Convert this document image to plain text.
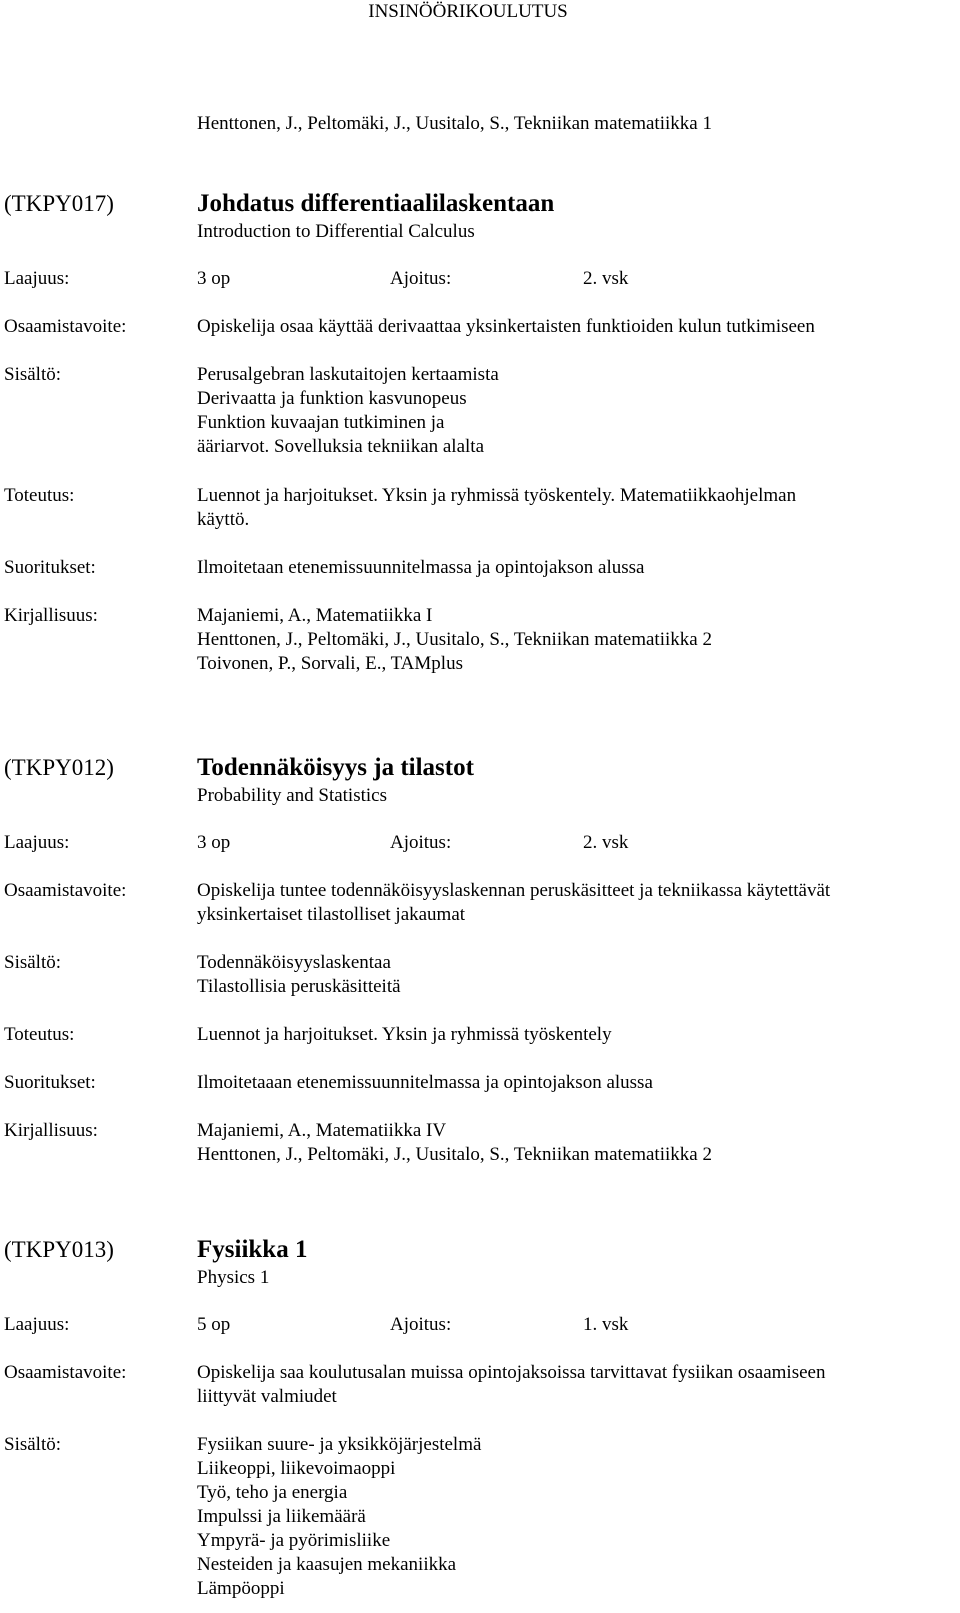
INSINÖÖRIKOULUTUS
Henttonen, J., Peltomäki, J., Uusitalo, S., Tekniikan matematiikka 1
(TKPY017)	Johdatus differentiaalilaskentaan
Introduction to Differential Calculus
Laajuus:	3 op	Ajoitus:	2. vsk
Osaamistavoite:	Opiskelija osaa käyttää derivaattaa yksinkertaisten funktioiden kulun tutkimiseen
Sisältö:	Perusalgebran laskutaitojen kertaamista
Derivaatta ja funktion kasvunopeus
Funktion kuvaajan tutkiminen ja
ääriarvot. Sovelluksia tekniikan alalta
Toteutus:	Luennot ja harjoitukset. Yksin ja ryhmissä työskentely. Matematiikkaohjelman
käyttö.
Suoritukset:	Ilmoitetaan etenemissuunnitelmassa ja opintojakson alussa
Kirjallisuus:	Majaniemi, A., Matematiikka I
Henttonen, J., Peltomäki, J., Uusitalo, S., Tekniikan matematiikka 2
Toivonen, P., Sorvali, E., TAMplus
(TKPY012)	Todennäköisyys ja tilastot
Probability and Statistics
Laajuus:	3 op	Ajoitus:	2. vsk
Osaamistavoite:	Opiskelija tuntee todennäköisyyslaskennan peruskäsitteet ja tekniikassa käytettävät
yksinkertaiset tilastolliset jakaumat
Sisältö:	Todennäköisyyslaskentaa
Tilastollisia peruskäsitteitä
Toteutus:	Luennot ja harjoitukset. Yksin ja ryhmissä työskentely
Suoritukset:	Ilmoitetaaan etenemissuunnitelmassa ja opintojakson alussa
Kirjallisuus:	Majaniemi, A., Matematiikka IV
Henttonen, J., Peltomäki, J., Uusitalo, S., Tekniikan matematiikka 2
(TKPY013)	Fysiikka 1
Physics 1
Laajuus:	5 op	Ajoitus:	1. vsk
Osaamistavoite:	Opiskelija saa koulutusalan muissa opintojaksoissa tarvittavat fysiikan osaamiseen
liittyvät valmiudet
Sisältö:	Fysiikan suure- ja yksikköjärjestelmä
Liikeoppi, liikevoimaoppi
Työ, teho ja energia
Impulssi ja liikemäärä
Ympyrä- ja pyörimisliike
Nesteiden ja kaasujen mekaniikka
Lämpöoppi
